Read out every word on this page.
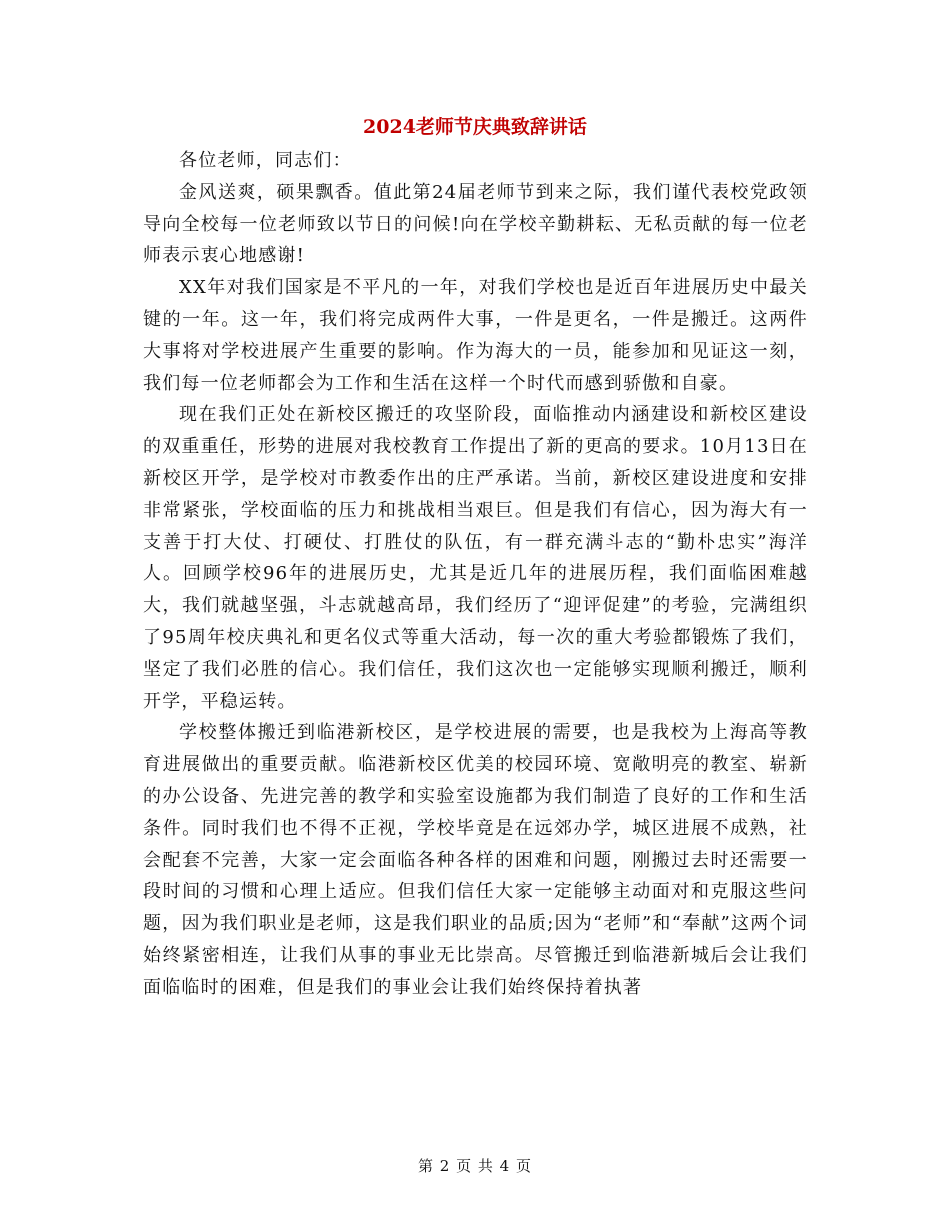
2024老师节庆典致辞讲话

各位老师，同志们：

金风送爽，硕果飘香。值此第24届老师节到来之际，我们谨代表校党政领导向全校每一位老师致以节日的问候!向在学校辛勤耕耘、无私贡献的每一位老师表示衷心地感谢!

XX年对我们国家是不平凡的一年，对我们学校也是近百年进展历史中最关键的一年。这一年，我们将完成两件大事，一件是更名，一件是搬迁。这两件大事将对学校进展产生重要的影响。作为海大的一员，能参加和见证这一刻，我们每一位老师都会为工作和生活在这样一个时代而感到骄傲和自豪。

现在我们正处在新校区搬迁的攻坚阶段，面临推动内涵建设和新校区建设的双重重任，形势的进展对我校教育工作提出了新的更高的要求。10月13日在新校区开学，是学校对市教委作出的庄严承诺。当前，新校区建设进度和安排非常紧张，学校面临的压力和挑战相当艰巨。但是我们有信心，因为海大有一支善于打大仗、打硬仗、打胜仗的队伍，有一群充满斗志的“勤朴忠实”海洋人。回顾学校96年的进展历史，尤其是近几年的进展历程，我们面临困难越大，我们就越坚强，斗志就越高昂，我们经历了“迎评促建”的考验，完满组织了95周年校庆典礼和更名仪式等重大活动，每一次的重大考验都锻炼了我们，坚定了我们必胜的信心。我们信任，我们这次也一定能够实现顺利搬迁，顺利开学，平稳运转。

学校整体搬迁到临港新校区，是学校进展的需要，也是我校为上海高等教育进展做出的重要贡献。临港新校区优美的校园环境、宽敞明亮的教室、崭新的办公设备、先进完善的教学和实验室设施都为我们制造了良好的工作和生活条件。同时我们也不得不正视，学校毕竟是在远郊办学，城区进展不成熟，社会配套不完善，大家一定会面临各种各样的困难和问题，刚搬过去时还需要一段时间的习惯和心理上适应。但我们信任大家一定能够主动面对和克服这些问题，因为我们职业是老师，这是我们职业的品质;因为“老师”和“奉献”这两个词始终紧密相连，让我们从事的事业无比崇高。尽管搬迁到临港新城后会让我们面临临时的困难，但是我们的事业会让我们始终保持着执著

第 2 页 共 4 页
